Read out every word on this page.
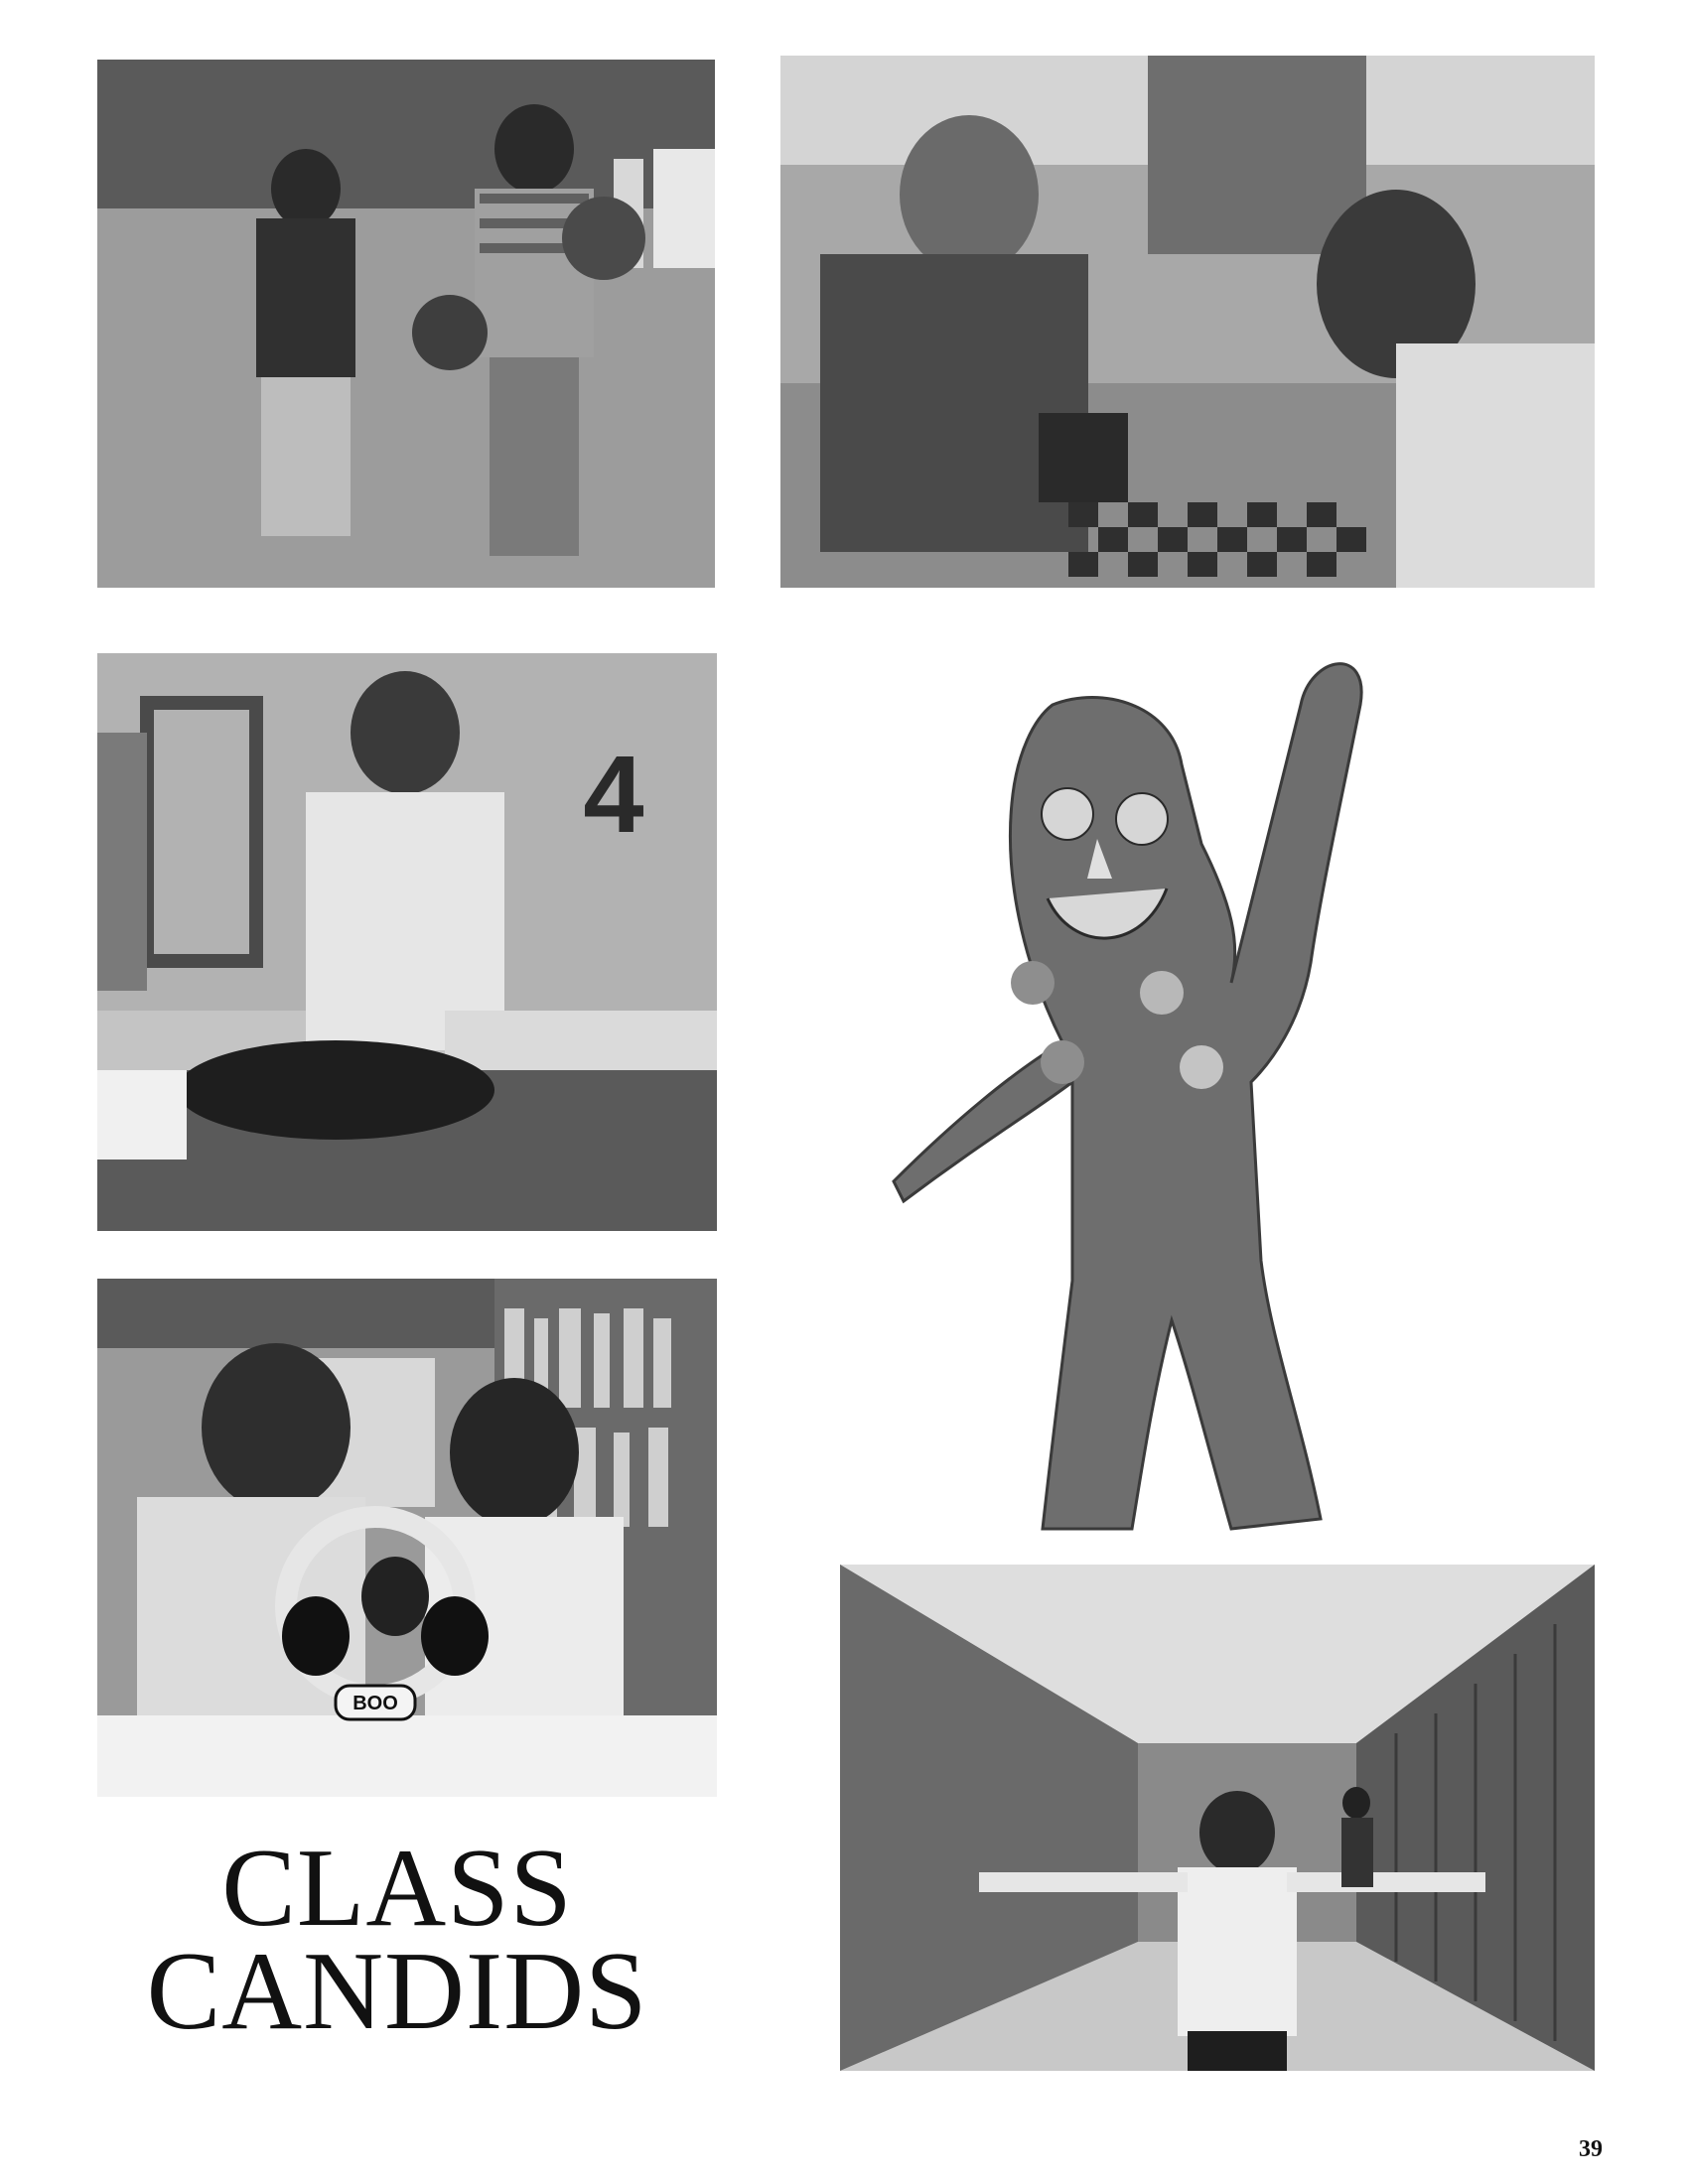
4
BOO
CLASS
CANDIDS
39
